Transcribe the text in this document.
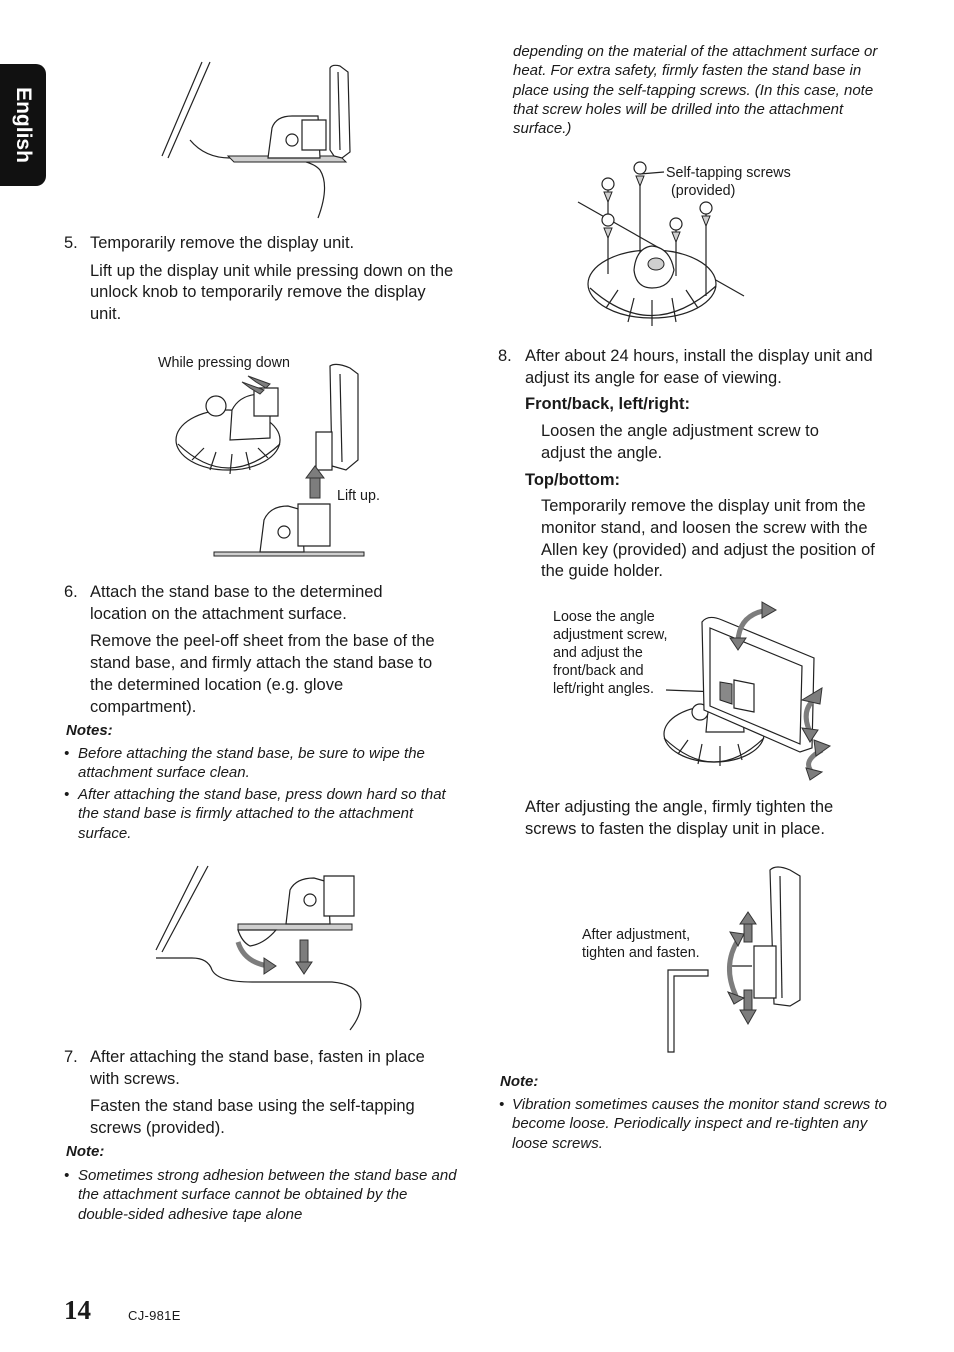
English
5. Temporarily remove the display unit.
Lift up the display unit while pressing down on the unlock knob to temporarily remove the display unit.
While pressing down
Lift up.
6. Attach the stand base to the determined location on the attachment surface.
Remove the peel-off sheet from the base of the stand base, and firmly attach the stand base to the determined location (e.g. glove compartment).
Notes:
• Before attaching the stand base, be sure to wipe the attachment surface clean.
• After attaching the stand base, press down hard so that the stand base is firmly attached to the attachment surface.
7. After attaching the stand base, fasten in place with screws.
Fasten the stand base using the self-tapping screws (provided).
Note:
• Sometimes strong adhesion between the stand base and the attachment surface cannot be obtained by the double-sided adhesive tape alone
14	CJ-981E
depending on the material of the attachment surface or heat. For extra safety, firmly fasten the stand base in place using the self-tapping screws. (In this case, note that screw holes will be drilled into the attachment surface.)
Self-tapping screws
(provided)
8. After about 24 hours, install the display unit and adjust its angle for ease of viewing.
Front/back, left/right:
Loosen the angle adjustment screw to adjust the angle.
Top/bottom:
Temporarily remove the display unit from the monitor stand, and loosen the screw with the Allen key (provided) and adjust the position of the guide holder.
Loose the angle adjustment screw, and adjust the front/back and left/right angles.
After adjusting the angle, firmly tighten the screws to fasten the display unit in place.
After adjustment, tighten and fasten.
Note:
• Vibration sometimes causes the monitor stand screws to become loose. Periodically inspect and re-tighten any loose screws.
